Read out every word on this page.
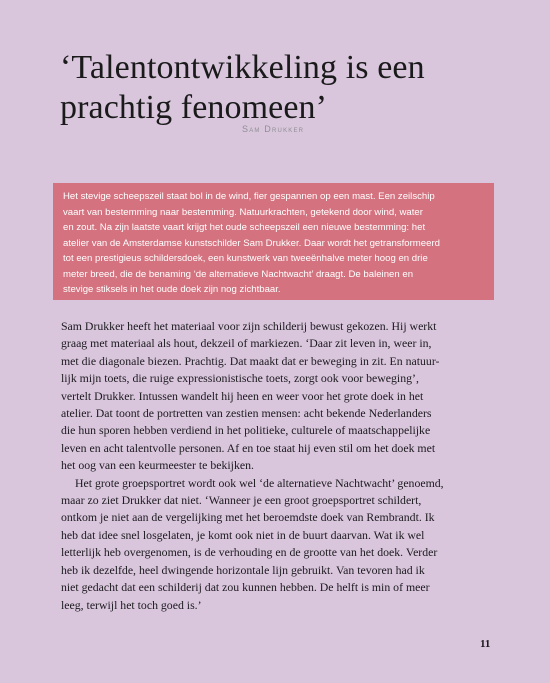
‘Talentontwikkeling is een
prachtig fenomeen’
Sam Drukker
Het stevige scheepszeil staat bol in de wind, fier gespannen op een mast. Een zeilschip
vaart van bestemming naar bestemming. Natuurkrachten, getekend door wind, water
en zout. Na zijn laatste vaart krijgt het oude scheepszeil een nieuwe bestemming: het
atelier van de Amsterdamse kunstschilder Sam Drukker. Daar wordt het getransformeerd
tot een prestigieus schildersdoek, een kunstwerk van tweeënhalve meter hoog en drie
meter breed, die de benaming ‘de alternatieve Nachtwacht’ draagt. De baleinen en
stevige stiksels in het oude doek zijn nog zichtbaar.
Sam Drukker heeft het materiaal voor zijn schilderij bewust gekozen. Hij werkt
graag met materiaal als hout, dekzeil of markiezen. ‘Daar zit leven in, weer in,
met die diagonale biezen. Prachtig. Dat maakt dat er beweging in zit. En natuur-
lijk mijn toets, die ruige expressionistische toets, zorgt ook voor beweging’,
vertelt Drukker. Intussen wandelt hij heen en weer voor het grote doek in het
atelier. Dat toont de portretten van zestien mensen: acht bekende Nederlanders
die hun sporen hebben verdiend in het politieke, culturele of maatschappelijke
leven en acht talentvolle personen. Af en toe staat hij even stil om het doek met
het oog van een keurmeester te bekijken.
Het grote groepsportret wordt ook wel ‘de alternatieve Nachtwacht’ genoemd,
maar zo ziet Drukker dat niet. ‘Wanneer je een groot groepsportret schildert,
ontkom je niet aan de vergelijking met het beroemdste doek van Rembrandt. Ik
heb dat idee snel losgelaten, je komt ook niet in de buurt daarvan. Wat ik wel
letterlijk heb overgenomen, is de verhouding en de grootte van het doek. Verder
heb ik dezelfde, heel dwingende horizontale lijn gebruikt. Van tevoren had ik
niet gedacht dat een schilderij dat zou kunnen hebben. De helft is min of meer
leeg, terwijl het toch goed is.’
11
